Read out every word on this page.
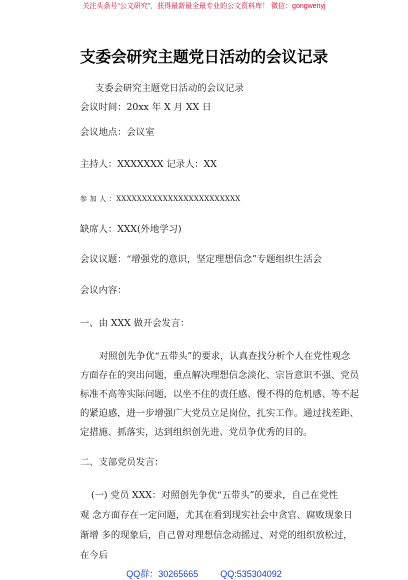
关注头条号“公文研究”，获得最新最全最专业的公文资料库！ 微信：gongwenyj
支委会研究主题党日活动的会议记录
支委会研究主题党日活动的会议记录
会议时间：20xx 年 X 月 XX 日
会议地点：会议室
主持人：XXXXXXX 记录人：XX
参 加 人 ：XXXXXXXXXXXXXXXXXXXXXXXX
缺席人：XXX(外地学习)
会议议题：“增强党的意识，坚定理想信念”专题组织生活会
会议内容：
一、由 XXX 做开会发言：
对照创先争优“五带头”的要求，认真查找分析个人在党性观念
方面存在的突出问题，重点解决理想信念淡化、宗旨意识不强、党员
标准不高等实际问题，以坐不住的责任感、慢不得的危机感、等不起
的紧迫感，进一步增强广大党员立足岗位，扎实工作。通过找差距、
定措施、抓落实，达到组织创先进、党员争优秀的目的。
二、支部党员发言：
(一) 党员 XXX：对照创先争优“五带头”的要求，自己在党性
观 念方面存在一定问题，尤其在看到现实社会中贪官、腐败现象日
渐增 多的现象后，自己曾对理想信念动摇过、对党的组织放松过，
在今后
QQ群：30265665 QQ:535304092
